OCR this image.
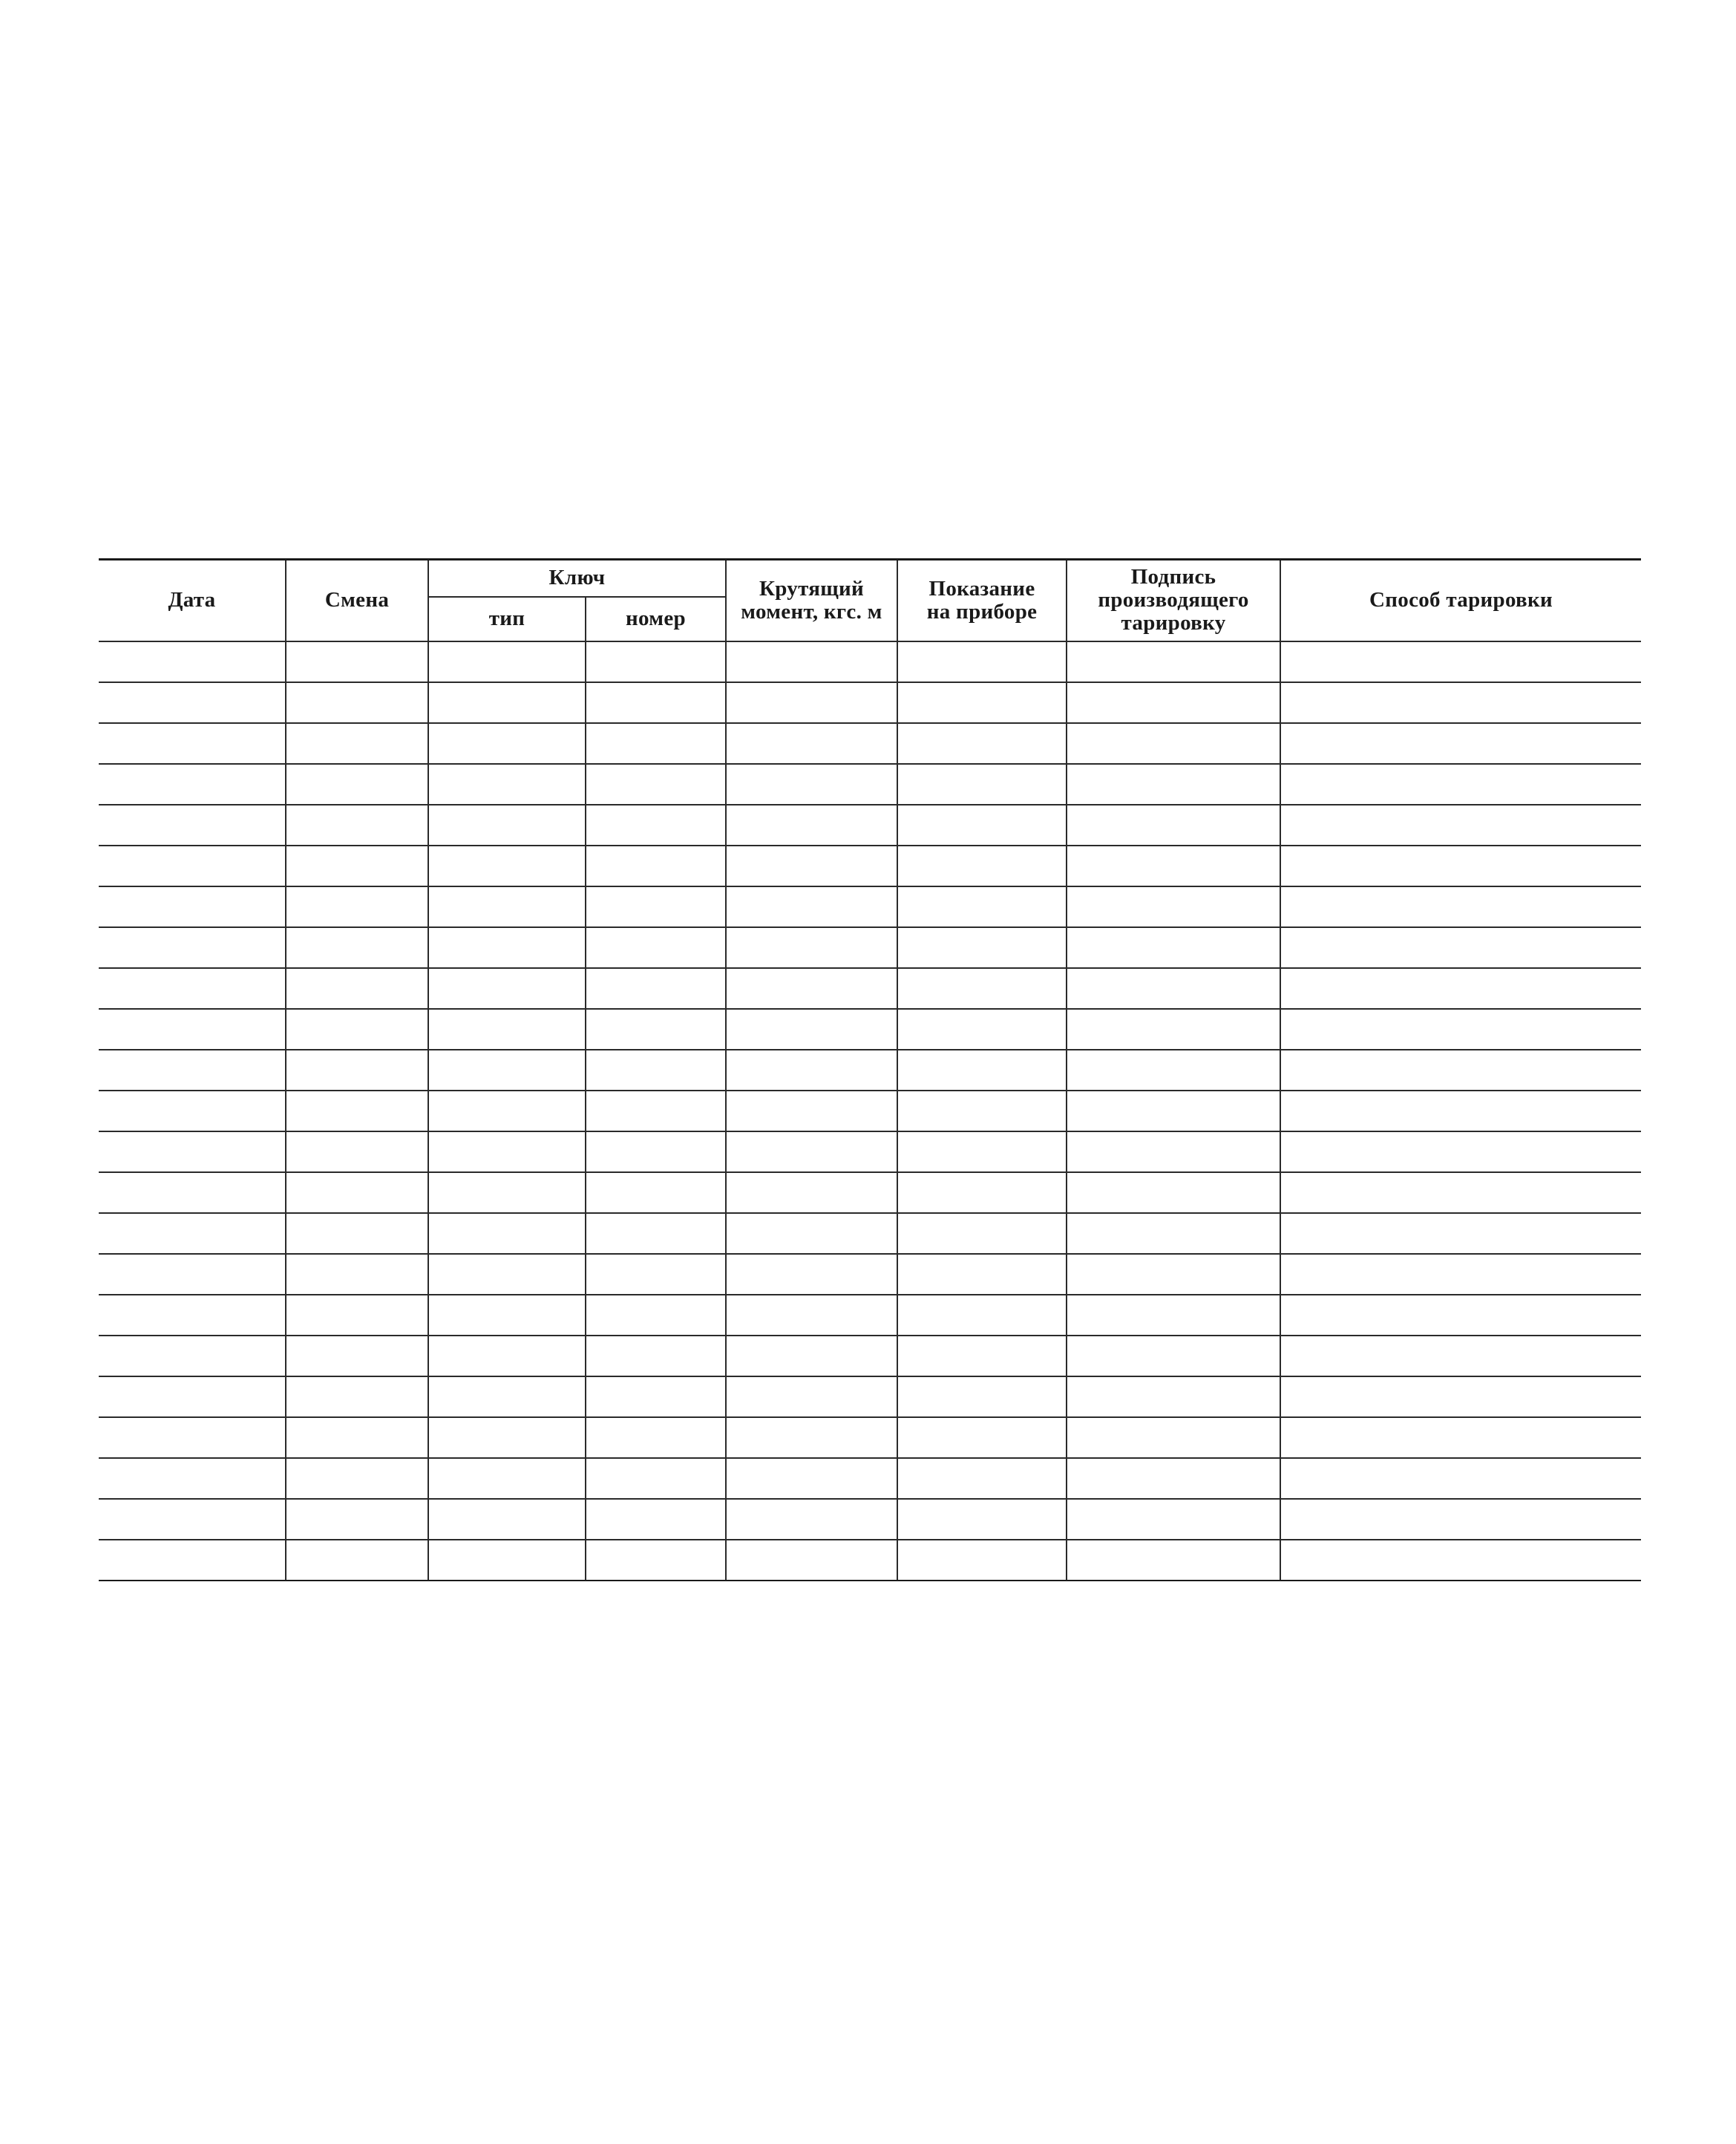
Дата	Смена	Ключ		Крутящий момент, кгс. м	Показание на приборе	Подпись производящего тарировку	Способ тарировки
		тип	номер				
